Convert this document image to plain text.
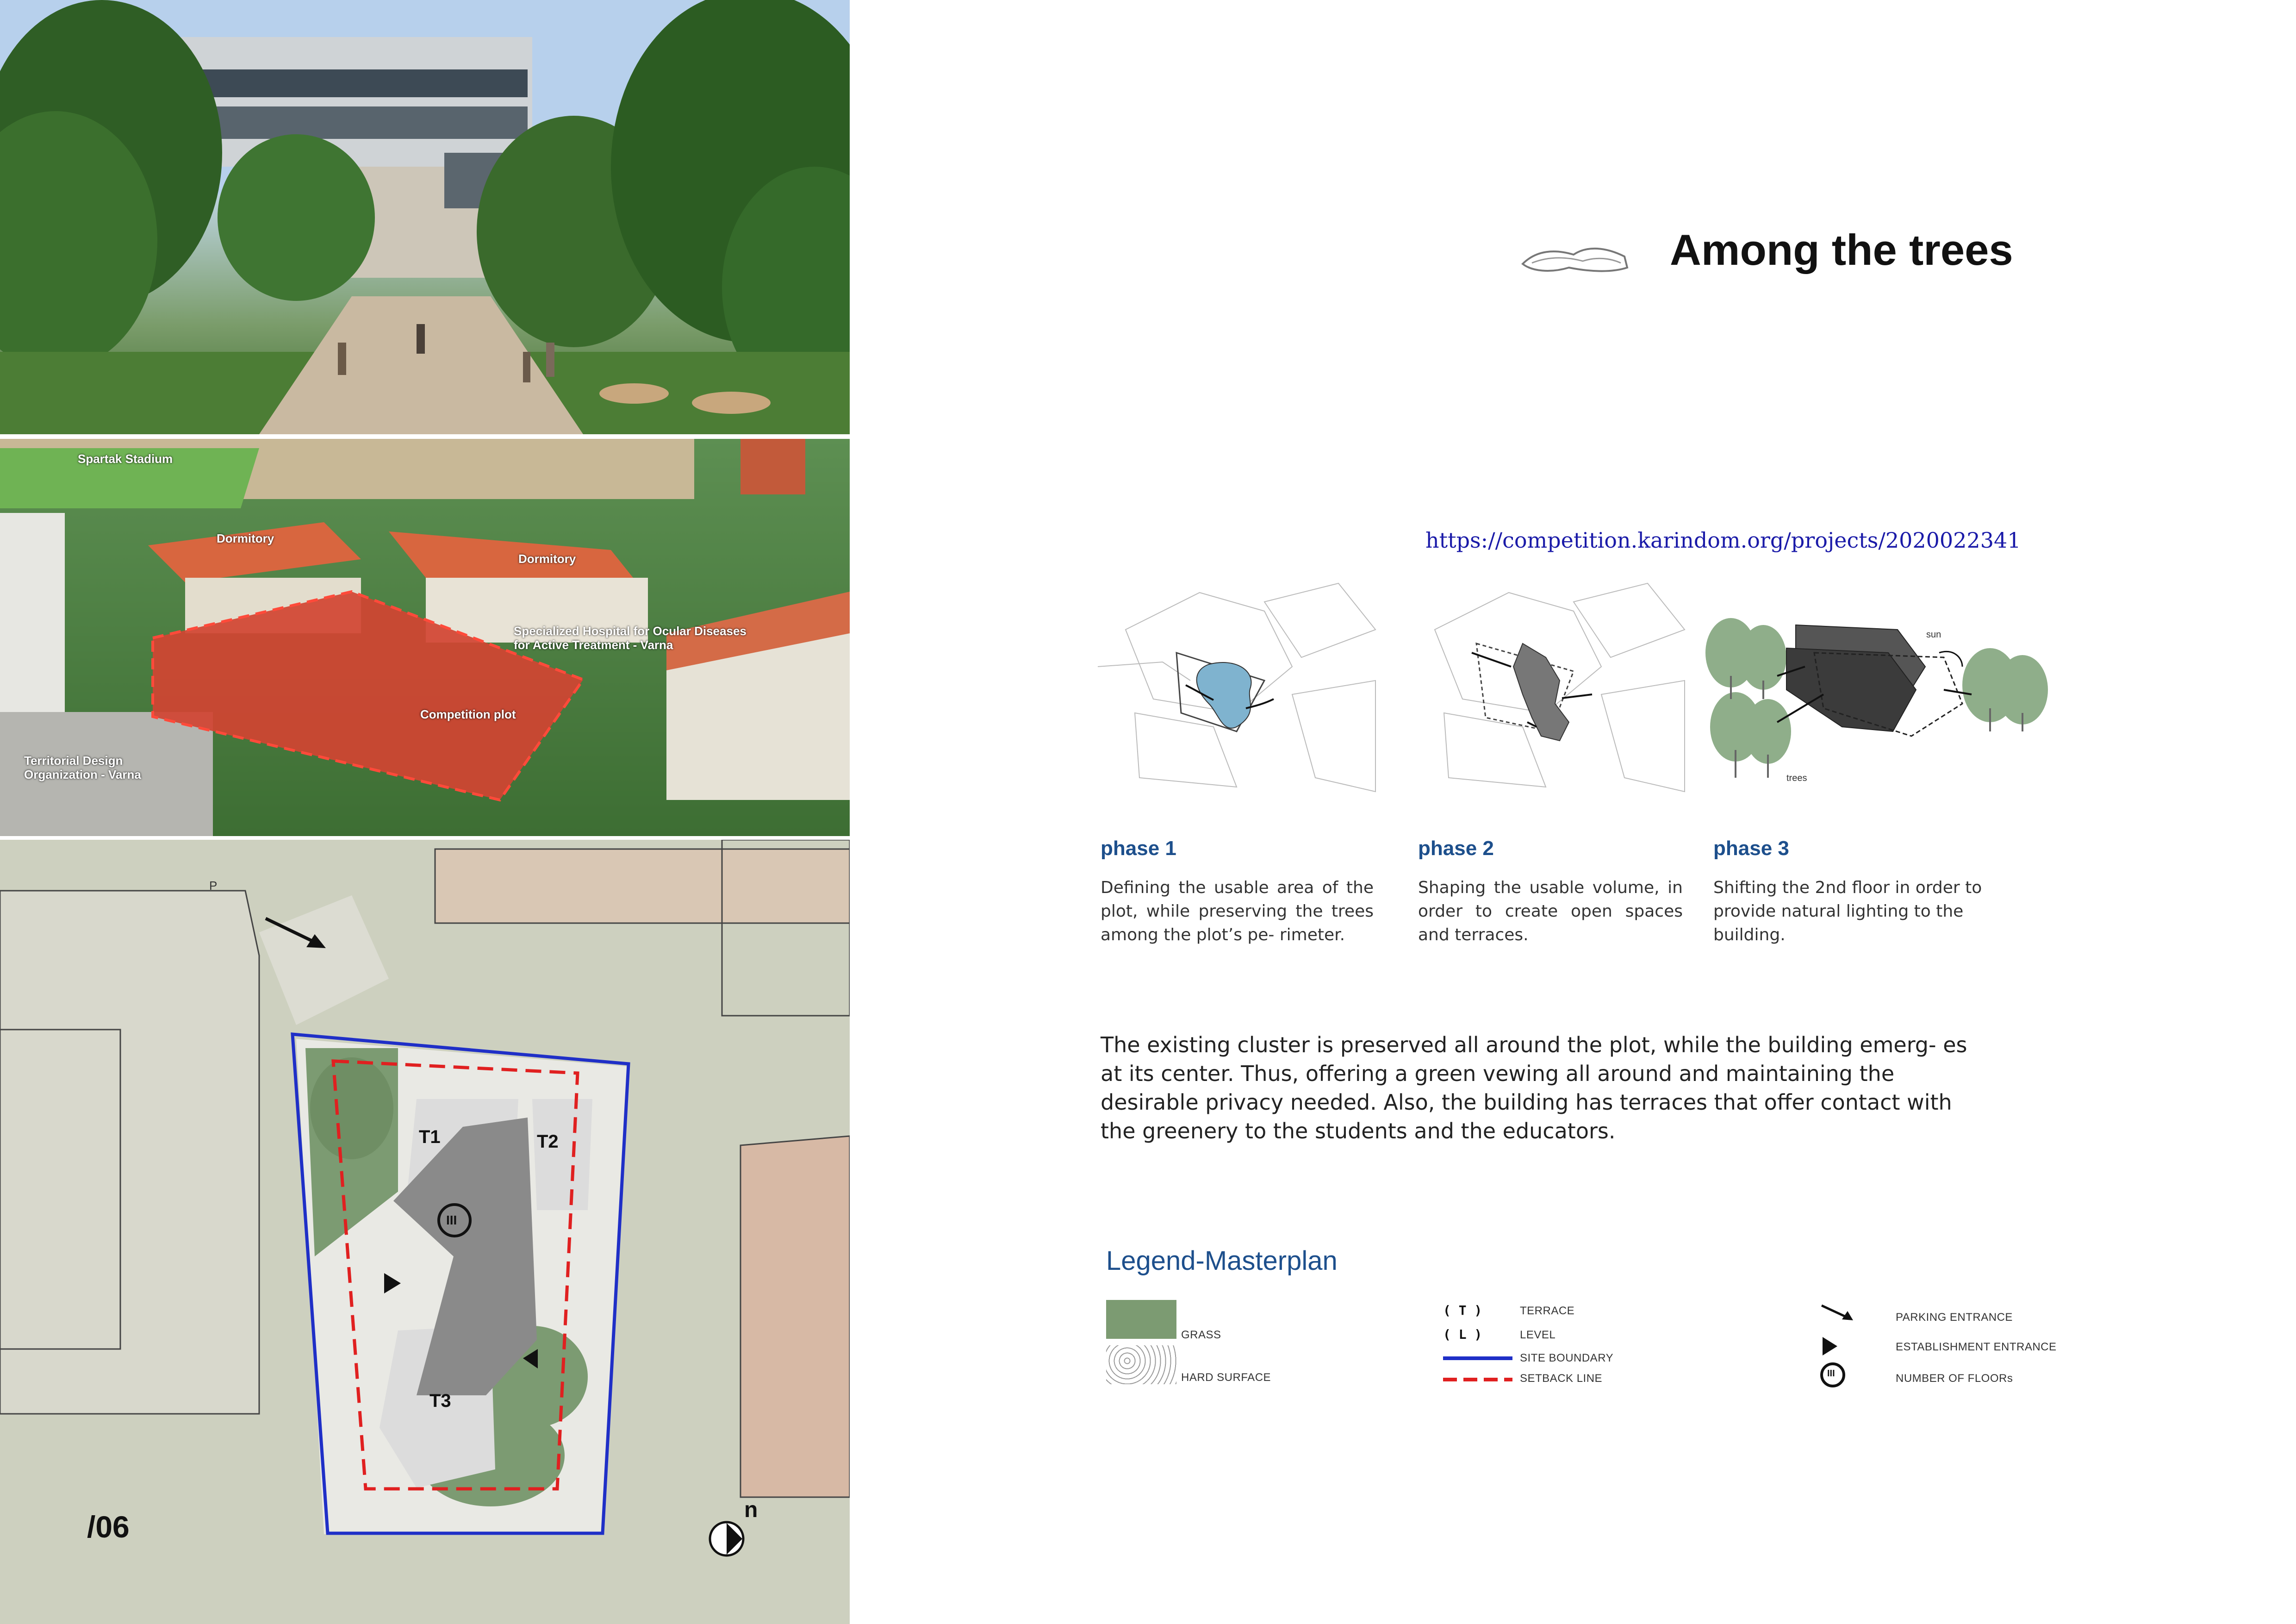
Spartak Stadium
Dormitory
Dormitory
Specialized Hospital for Ocular Diseases for Active Treatment - Varna
Competition plot
Territorial Design Organization - Varna
T1	T2
T3
III
n
P
/06
Among the trees
https://competition.karindom.org/projects/2020022341
sun
trees
phase 1
Defining the usable area of the plot, while preserving the trees among the plot’s pe- rimeter.
phase 2
Shaping the usable volume, in order to create open spaces and terraces.
phase 3
Shifting the 2nd floor in order to provide natural lighting to the building.

The existing cluster is preserved all around the plot, while the building emerg- es at its center. Thus, offering a green vewing all around and maintaining the desirable privacy needed. Also, the building has terraces that offer contact with the greenery to the students and the educators.

Legend-Masterplan
GRASS
HARD SURFACE
( T )	TERRACE
( L )	LEVEL
SITE BOUNDARY
SETBACK LINE
PARKING ENTRANCE
ESTABLISHMENT ENTRANCE
III	NUMBER OF FLOORs
